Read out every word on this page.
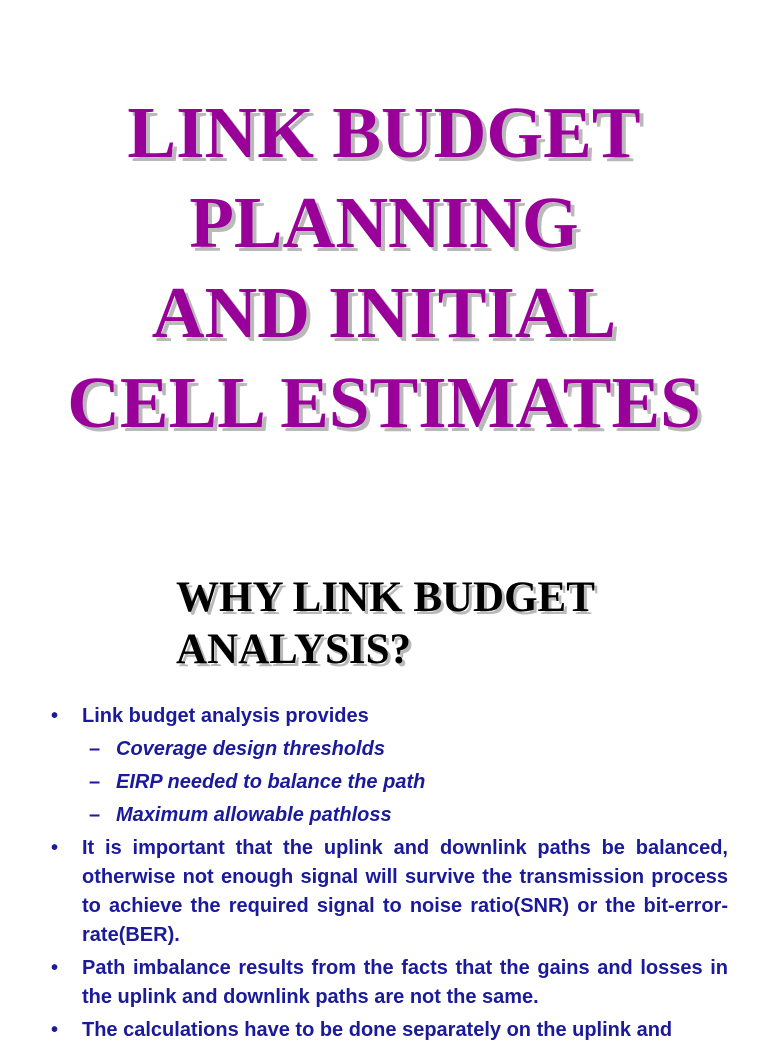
LINK BUDGET
PLANNING
AND INITIAL
CELL ESTIMATES
WHY LINK BUDGET
ANALYSIS?
• Link budget analysis provides
– Coverage design thresholds
– EIRP needed to balance the path
– Maximum allowable pathloss
• It is important that the uplink and downlink paths be balanced, otherwise not enough signal will survive the transmission process to achieve the required signal to noise ratio(SNR) or the bit-error-rate(BER).
• Path imbalance results from the facts that the gains and losses in the uplink and downlink paths are not the same.
• The calculations have to be done separately on the uplink and
